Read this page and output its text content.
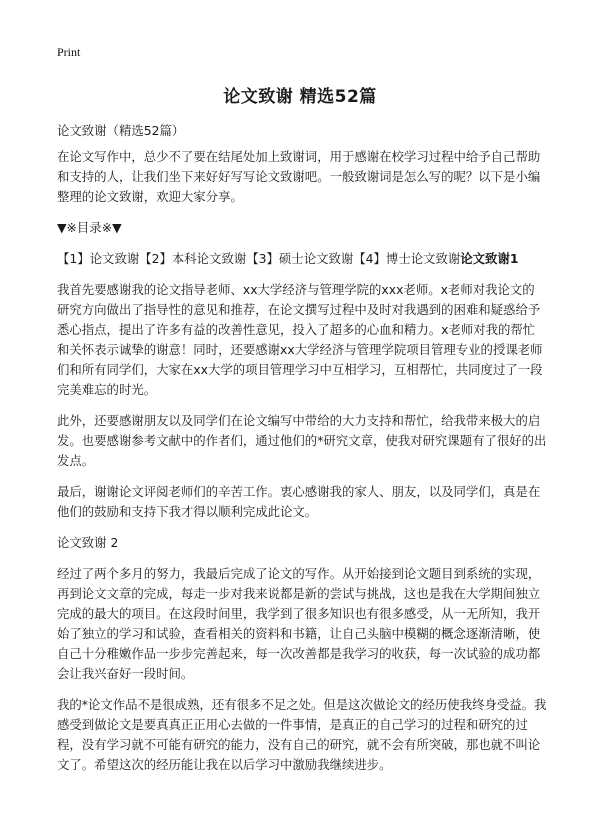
Print
论文致谢 精选52篇

论文致谢（精选52篇）

在论文写作中，总少不了要在结尾处加上致谢词，用于感谢在校学习过程中给予自己帮助和支持的人，让我们坐下来好好写写论文致谢吧。一般致谢词是怎么写的呢？以下是小编整理的论文致谢，欢迎大家分享。

▼※目录※▼

【1】论文致谢【2】本科论文致谢【3】硕士论文致谢【4】博士论文致谢论文致谢1

我首先要感谢我的论文指导老师、xx大学经济与管理学院的xxx老师。x老师对我论文的研究方向做出了指导性的意见和推荐，在论文撰写过程中及时对我遇到的困难和疑惑给予悉心指点，提出了许多有益的改善性意见，投入了超多的心血和精力。x老师对我的帮忙和关怀表示诚挚的谢意！同时，还要感谢xx大学经济与管理学院项目管理专业的授课老师们和所有同学们，大家在xx大学的项目管理学习中互相学习，互相帮忙，共同度过了一段完美难忘的时光。

此外，还要感谢朋友以及同学们在论文编写中带给的大力支持和帮忙，给我带来极大的启发。也要感谢参考文献中的作者们，通过他们的*研究文章，使我对研究课题有了很好的出发点。

最后，谢谢论文评阅老师们的辛苦工作。衷心感谢我的家人、朋友，以及同学们，真是在他们的鼓励和支持下我才得以顺利完成此论文。

论文致谢 2

经过了两个多月的努力，我最后完成了论文的写作。从开始接到论文题目到系统的实现，再到论文文章的完成，每走一步对我来说都是新的尝试与挑战，这也是我在大学期间独立完成的最大的项目。在这段时间里，我学到了很多知识也有很多感受，从一无所知，我开始了独立的学习和试验，查看相关的资料和书籍，让自己头脑中模糊的概念逐渐清晰，使自己十分稚嫩作品一步步完善起来，每一次改善都是我学习的收获，每一次试验的成功都会让我兴奋好一段时间。

我的*论文作品不是很成熟，还有很多不足之处。但是这次做论文的经历使我终身受益。我感受到做论文是要真真正正用心去做的一件事情，是真正的自己学习的过程和研究的过程，没有学习就不可能有研究的能力，没有自己的研究，就不会有所突破，那也就不叫论文了。希望这次的经历能让我在以后学习中激励我继续进步。
